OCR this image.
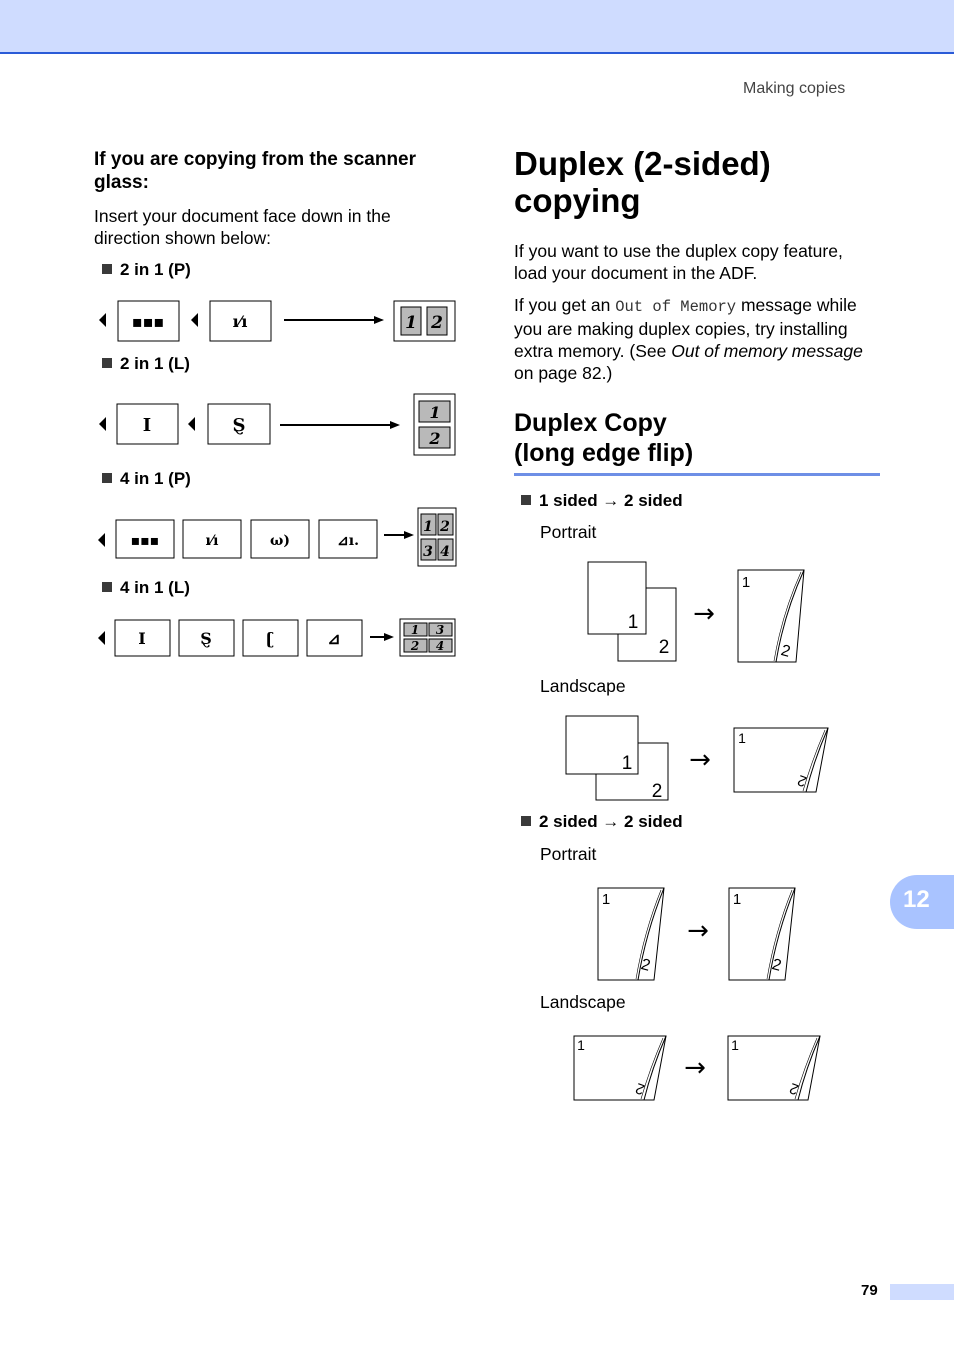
Making copies
If you are copying from the scanner glass:
Insert your document face down in the direction shown below:
2 in 1 (P)
2 in 1 (L)
4 in 1 (P)
4 in 1 (L)
▪▪▪	ı⁄ı	1 2
I	Ȿ
1
2
▪▪▪	ı⁄ı	ω)	⊿ı.
1 2
3 4
I	Ȿ	ʗ	⊿	1 3
2 4
Duplex (2-sided) copying
If you want to use the duplex copy feature, load your document in the ADF.
If you get an Out of Memory message while you are making duplex copies, try installing extra memory. (See Out of memory message on page 82.)
Duplex Copy (long edge flip)
1 sided → 2 sided
Portrait
Landscape
2 sided → 2 sided
Portrait
Landscape
1
2
→
1
2
1
2
→
1
2
1
2
→
1
2
1
2
→
1
2
12
79
